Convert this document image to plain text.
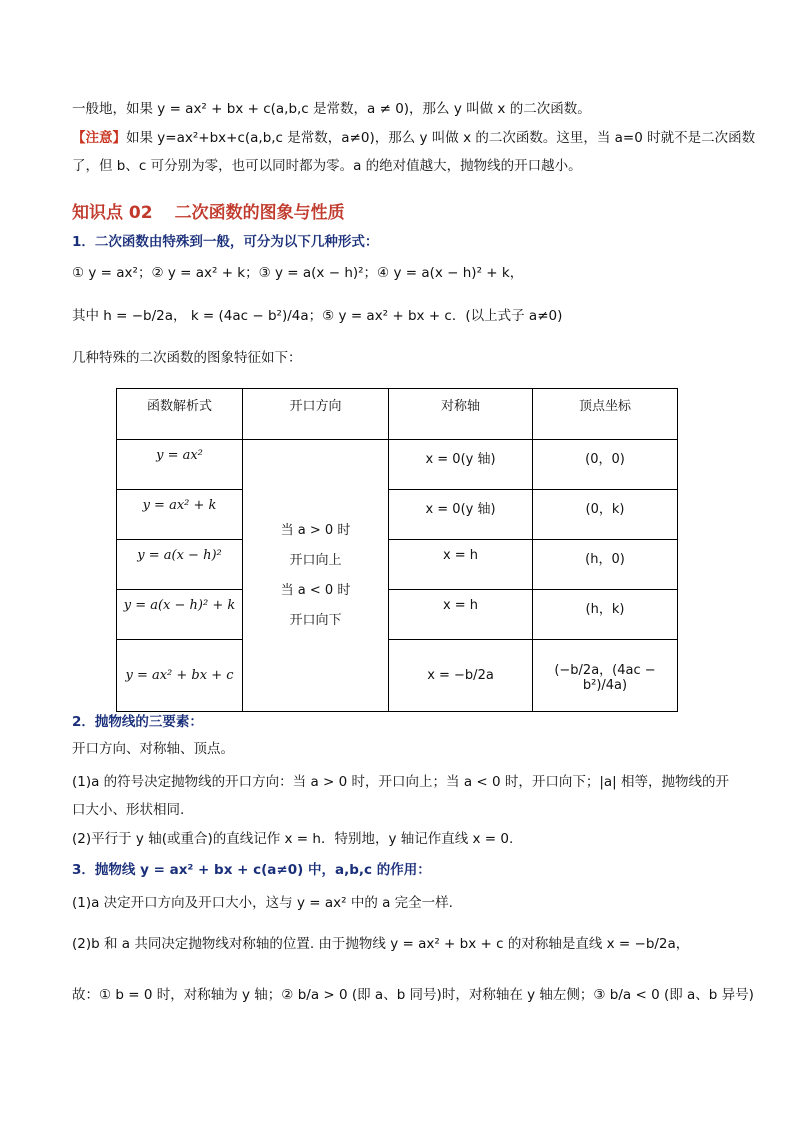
一般地，如果 y = ax² + bx + c(a,b,c 是常数，a ≠ 0)，那么 y 叫做 x 的二次函数。
【注意】如果 y=ax²+bx+c(a,b,c 是常数，a≠0)，那么 y 叫做 x 的二次函数。这里，当 a=0 时就不是二次函数
了，但 b、c 可分别为零，也可以同时都为零。a 的绝对值越大，抛物线的开口越小。
知识点 02 二次函数的图象与性质
1．二次函数由特殊到一般，可分为以下几种形式：
① y = ax²；② y = ax² + k；③ y = a(x − h)²；④ y = a(x − h)² + k，
其中 h = −b/2a， k = (4ac − b²)/4a；⑤ y = ax² + bx + c．(以上式子 a≠0)
几种特殊的二次函数的图象特征如下：
函数解析式	开口方向	对称轴	顶点坐标

y = ax²	当 a > 0 时
开口向上
当 a < 0 时
开口向下	x = 0(y 轴)	(0，0)

y = ax² + k		x = 0(y 轴)	(0，k)

y = a(x − h)²		x = h	(h，0)

y = a(x − h)² + k		x = h	(h，k)

y = ax² + bx + c		x = −b/2a	(−b/2a，(4ac − b²)/4a)
2．抛物线的三要素：
开口方向、对称轴、顶点。
(1)a 的符号决定抛物线的开口方向：当 a > 0 时，开口向上；当 a < 0 时，开口向下；|a| 相等，抛物线的开
口大小、形状相同.
(2)平行于 y 轴(或重合)的直线记作 x = h．特别地，y 轴记作直线 x = 0.
3．抛物线 y = ax² + bx + c(a≠0) 中，a,b,c 的作用：
(1)a 决定开口方向及开口大小，这与 y = ax² 中的 a 完全一样.
(2)b 和 a 共同决定抛物线对称轴的位置. 由于抛物线 y = ax² + bx + c 的对称轴是直线 x = −b/2a，
故：① b = 0 时，对称轴为 y 轴；② b/a > 0 (即 a、b 同号)时，对称轴在 y 轴左侧；③ b/a < 0 (即 a、b 异号)
